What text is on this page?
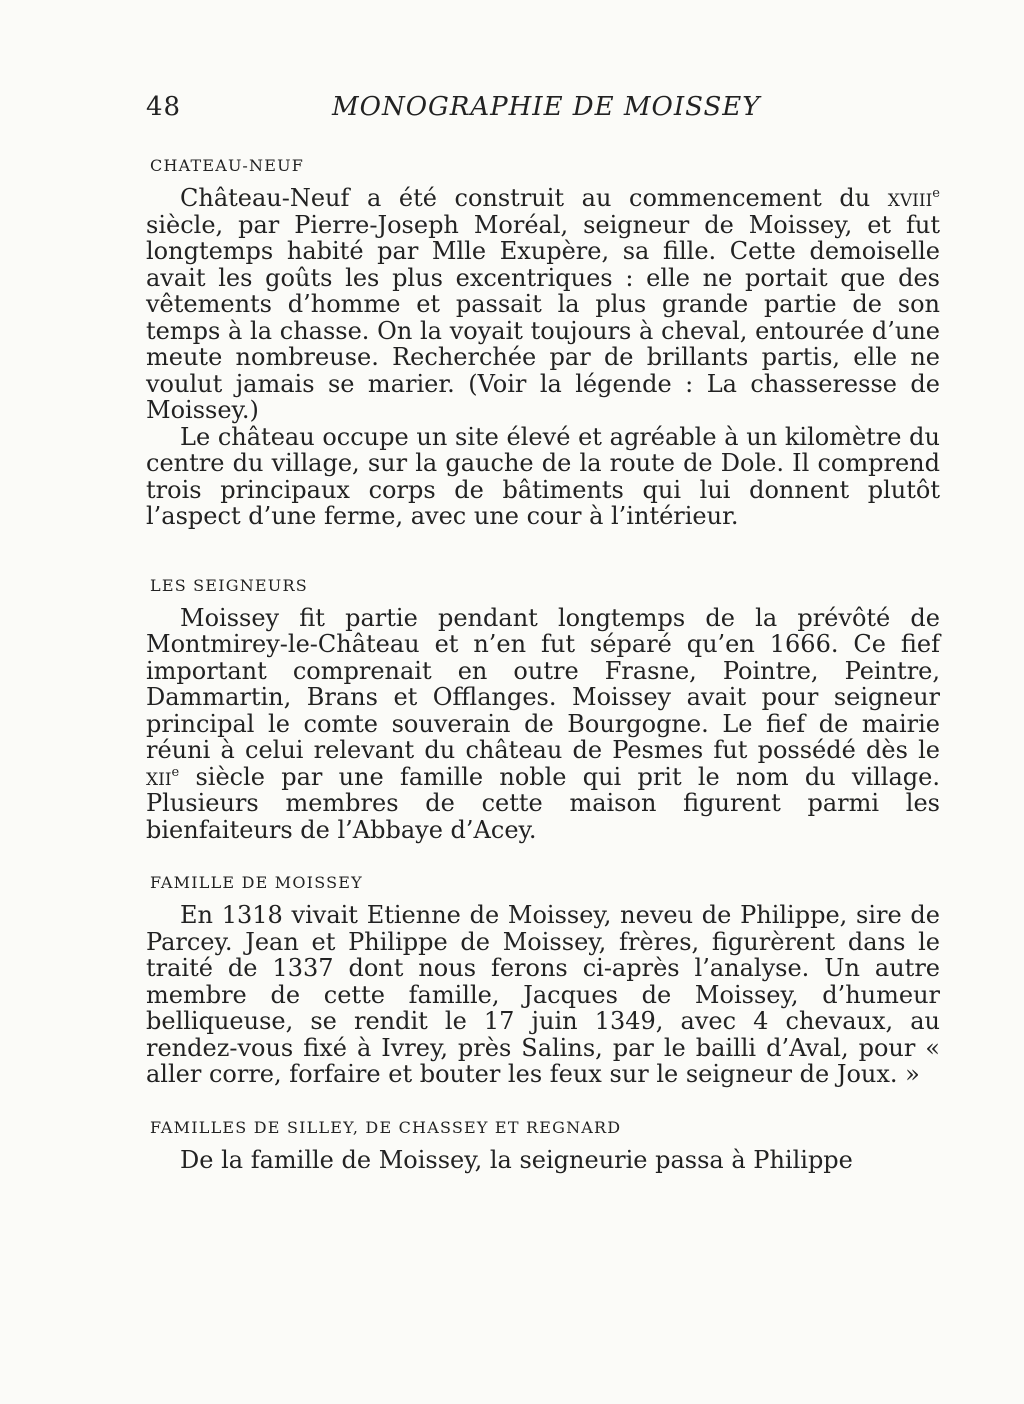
48	MONOGRAPHIE DE MOISSEY
CHATEAU-NEUF

Château-Neuf a été construit au commencement du xviii$^e$ siècle, par Pierre-Joseph Moréal, seigneur de Moissey, et fut longtemps habité par Mlle Exupère, sa fille. Cette demoiselle avait les goûts les plus excentriques : elle ne portait que des vêtements d’homme et passait la plus grande partie de son temps à la chasse. On la voyait toujours à cheval, entourée d’une meute nombreuse. Recherchée par de brillants partis, elle ne voulut jamais se marier. (Voir la légende : La chasseresse de Moissey.)

Le château occupe un site élevé et agréable à un kilomètre du centre du village, sur la gauche de la route de Dole. Il comprend trois principaux corps de bâtiments qui lui donnent plutôt l’aspect d’une ferme, avec une cour à l’intérieur.

LES SEIGNEURS

Moissey fit partie pendant longtemps de la prévôté de Montmirey-le-Château et n’en fut séparé qu’en 1666. Ce fief important comprenait en outre Frasne, Pointre, Peintre, Dammartin, Brans et Offlanges. Moissey avait pour seigneur principal le comte souverain de Bourgogne. Le fief de mairie réuni à celui relevant du château de Pesmes fut possédé dès le xii$^e$ siècle par une famille noble qui prit le nom du village. Plusieurs membres de cette maison figurent parmi les bienfaiteurs de l’Abbaye d’Acey.

FAMILLE DE MOISSEY

En 1318 vivait Etienne de Moissey, neveu de Philippe, sire de Parcey. Jean et Philippe de Moissey, frères, figurèrent dans le traité de 1337 dont nous ferons ci-après l’analyse. Un autre membre de cette famille, Jacques de Moissey, d’humeur belliqueuse, se rendit le 17 juin 1349, avec 4 chevaux, au rendez-vous fixé à Ivrey, près Salins, par le bailli d’Aval, pour « aller corre, forfaire et bouter les feux sur le seigneur de Joux. »

FAMILLES DE SILLEY, DE CHASSEY ET REGNARD

De la famille de Moissey, la seigneurie passa à Philippe
